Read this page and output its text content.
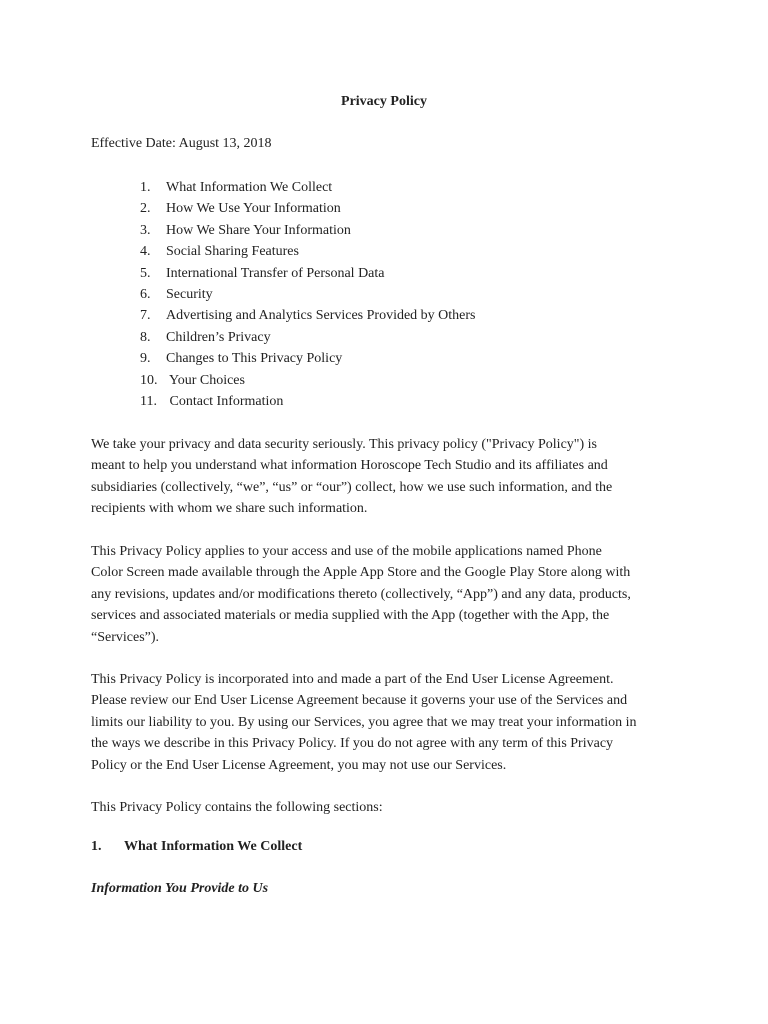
Privacy Policy
Effective Date: August 13, 2018
1. What Information We Collect
2. How We Use Your Information
3. How We Share Your Information
4. Social Sharing Features
5. International Transfer of Personal Data
6. Security
7. Advertising and Analytics Services Provided by Others
8. Children’s Privacy
9. Changes to This Privacy Policy
10. Your Choices
11. Contact Information

We take your privacy and data security seriously. This privacy policy ("Privacy Policy") is
meant to help you understand what information Horoscope Tech Studio and its affiliates and
subsidiaries (collectively, “we”, “us” or “our”) collect, how we use such information, and the
recipients with whom we share such information.

This Privacy Policy applies to your access and use of the mobile applications named Phone
Color Screen made available through the Apple App Store and the Google Play Store along with
any revisions, updates and/or modifications thereto (collectively, “App”) and any data, products,
services and associated materials or media supplied with the App (together with the App, the
“Services”).

This Privacy Policy is incorporated into and made a part of the End User License Agreement.
Please review our End User License Agreement because it governs your use of the Services and
limits our liability to you. By using our Services, you agree that we may treat your information in
the ways we describe in this Privacy Policy. If you do not agree with any term of this Privacy
Policy or the End User License Agreement, you may not use our Services.

This Privacy Policy contains the following sections:

1. What Information We Collect
Information You Provide to Us
